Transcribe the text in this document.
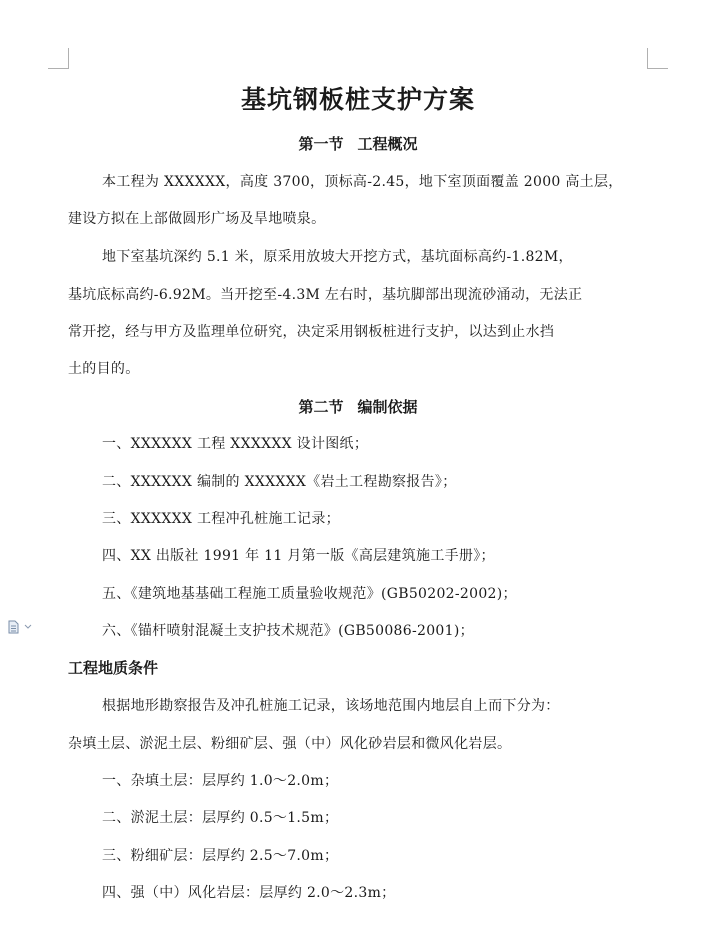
基坑钢板桩支护方案
第一节 工程概况

本工程为 XXXXXX，高度 3700，顶标高-2.45，地下室顶面覆盖 2000 高土层，

建设方拟在上部做圆形广场及旱地喷泉。

地下室基坑深约 5.1 米，原采用放坡大开挖方式，基坑面标高约-1.82M，

基坑底标高约-6.92M。当开挖至-4.3M 左右时，基坑脚部出现流砂涌动，无法正

常开挖，经与甲方及监理单位研究，决定采用钢板桩进行支护，以达到止水挡

土的目的。

第二节 编制依据

一、XXXXXX 工程 XXXXXX 设计图纸；

二、XXXXXX 编制的 XXXXXX《岩土工程勘察报告》；

三、XXXXXX 工程冲孔桩施工记录；

四、XX 出版社 1991 年 11 月第一版《高层建筑施工手册》；

五、《建筑地基基础工程施工质量验收规范》(GB50202-2002)；

六、《锚杆喷射混凝土支护技术规范》(GB50086-2001)；

工程地质条件

根据地形勘察报告及冲孔桩施工记录，该场地范围内地层自上而下分为：

杂填土层、淤泥土层、粉细矿层、强（中）风化砂岩层和微风化岩层。

一、杂填土层：层厚约 1.0～2.0m；

二、淤泥土层：层厚约 0.5～1.5m；

三、粉细矿层：层厚约 2.5～7.0m；

四、强（中）风化岩层：层厚约 2.0～2.3m；
